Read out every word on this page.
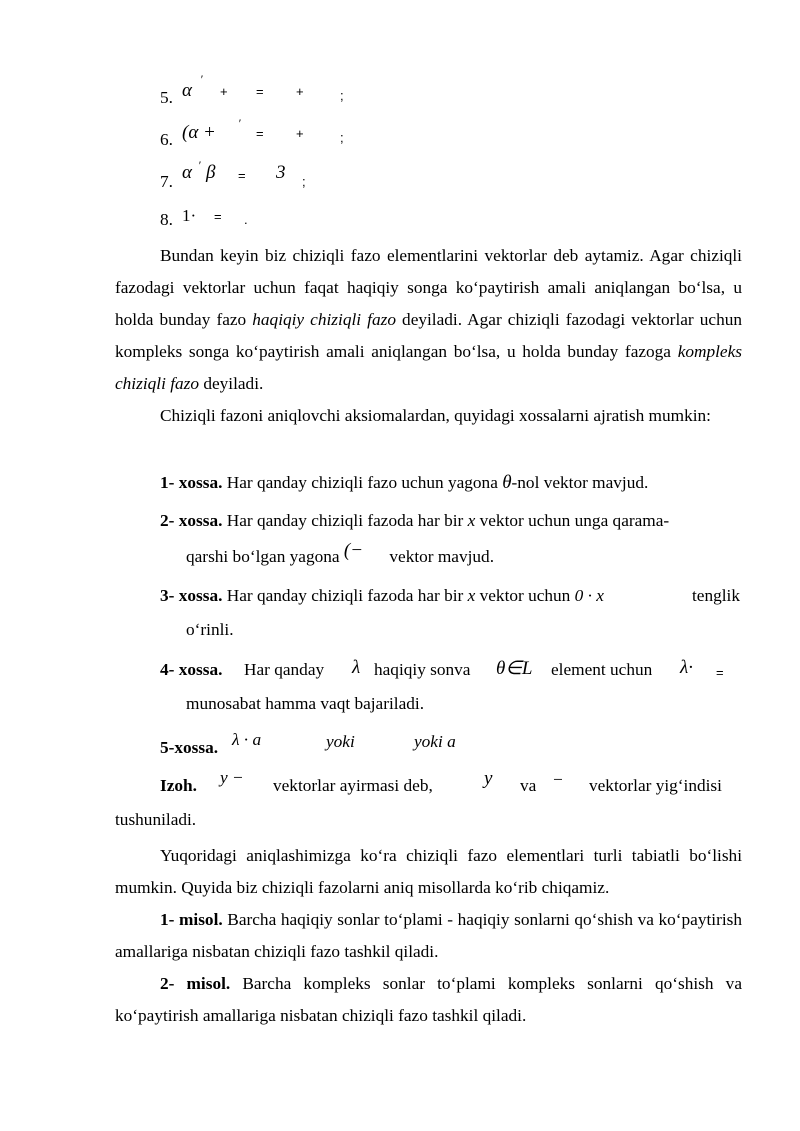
5. α
′
+ = +	;
6. (α + ′
= +	;
7. α ′ β = 3 ;
8. 1· = .
Bundan keyin biz chiziqli fazo elementlarini vektorlar deb aytamiz. Agar chiziqli fazodagi vektorlar uchun faqat haqiqiy songa ko‘paytirish amali aniqlangan bo‘lsa, u holda bunday fazo haqiqiy chiziqli fazo deyiladi. Agar chiziqli fazodagi vektorlar uchun kompleks songa ko‘paytirish amali aniqlangan bo‘lsa, u holda bunday fazoga kompleks chiziqli fazo deyiladi.
Chiziqli fazoni aniqlovchi aksiomalardan, quyidagi xossalarni ajratish mumkin:
1- xossa. Har qanday chiziqli fazo uchun yagona θ-nol vektor mavjud.
2- xossa. Har qanday chiziqli fazoda har bir x vektor uchun unga qarama-
qarshi bo‘lgan yagona (− vektor mavjud.
3- xossa. Har qanday chiziqli fazoda har bir x vektor uchun 0 · x	tenglik
o‘rinli.
4- xossa. Har qanday λ haqiqiy sonva θ∈L element uchun λ· =
munosabat hamma vaqt bajariladi.
5-xossa. λ · a	yoki	yoki a
Izoh. y − vektorlar ayirmasi deb,	y va − vektorlar yig‘indisi
tushuniladi.
Yuqoridagi aniqlashimizga ko‘ra chiziqli fazo elementlari turli tabiatli bo‘lishi mumkin. Quyida biz chiziqli fazolarni aniq misollarda ko‘rib chiqamiz.
1- misol. Barcha haqiqiy sonlar to‘plami - haqiqiy sonlarni qo‘shish va ko‘paytirish amallariga nisbatan chiziqli fazo tashkil qiladi.
2- misol. Barcha kompleks sonlar to‘plami kompleks sonlarni qo‘shish va ko‘paytirish amallariga nisbatan chiziqli fazo tashkil qiladi.
